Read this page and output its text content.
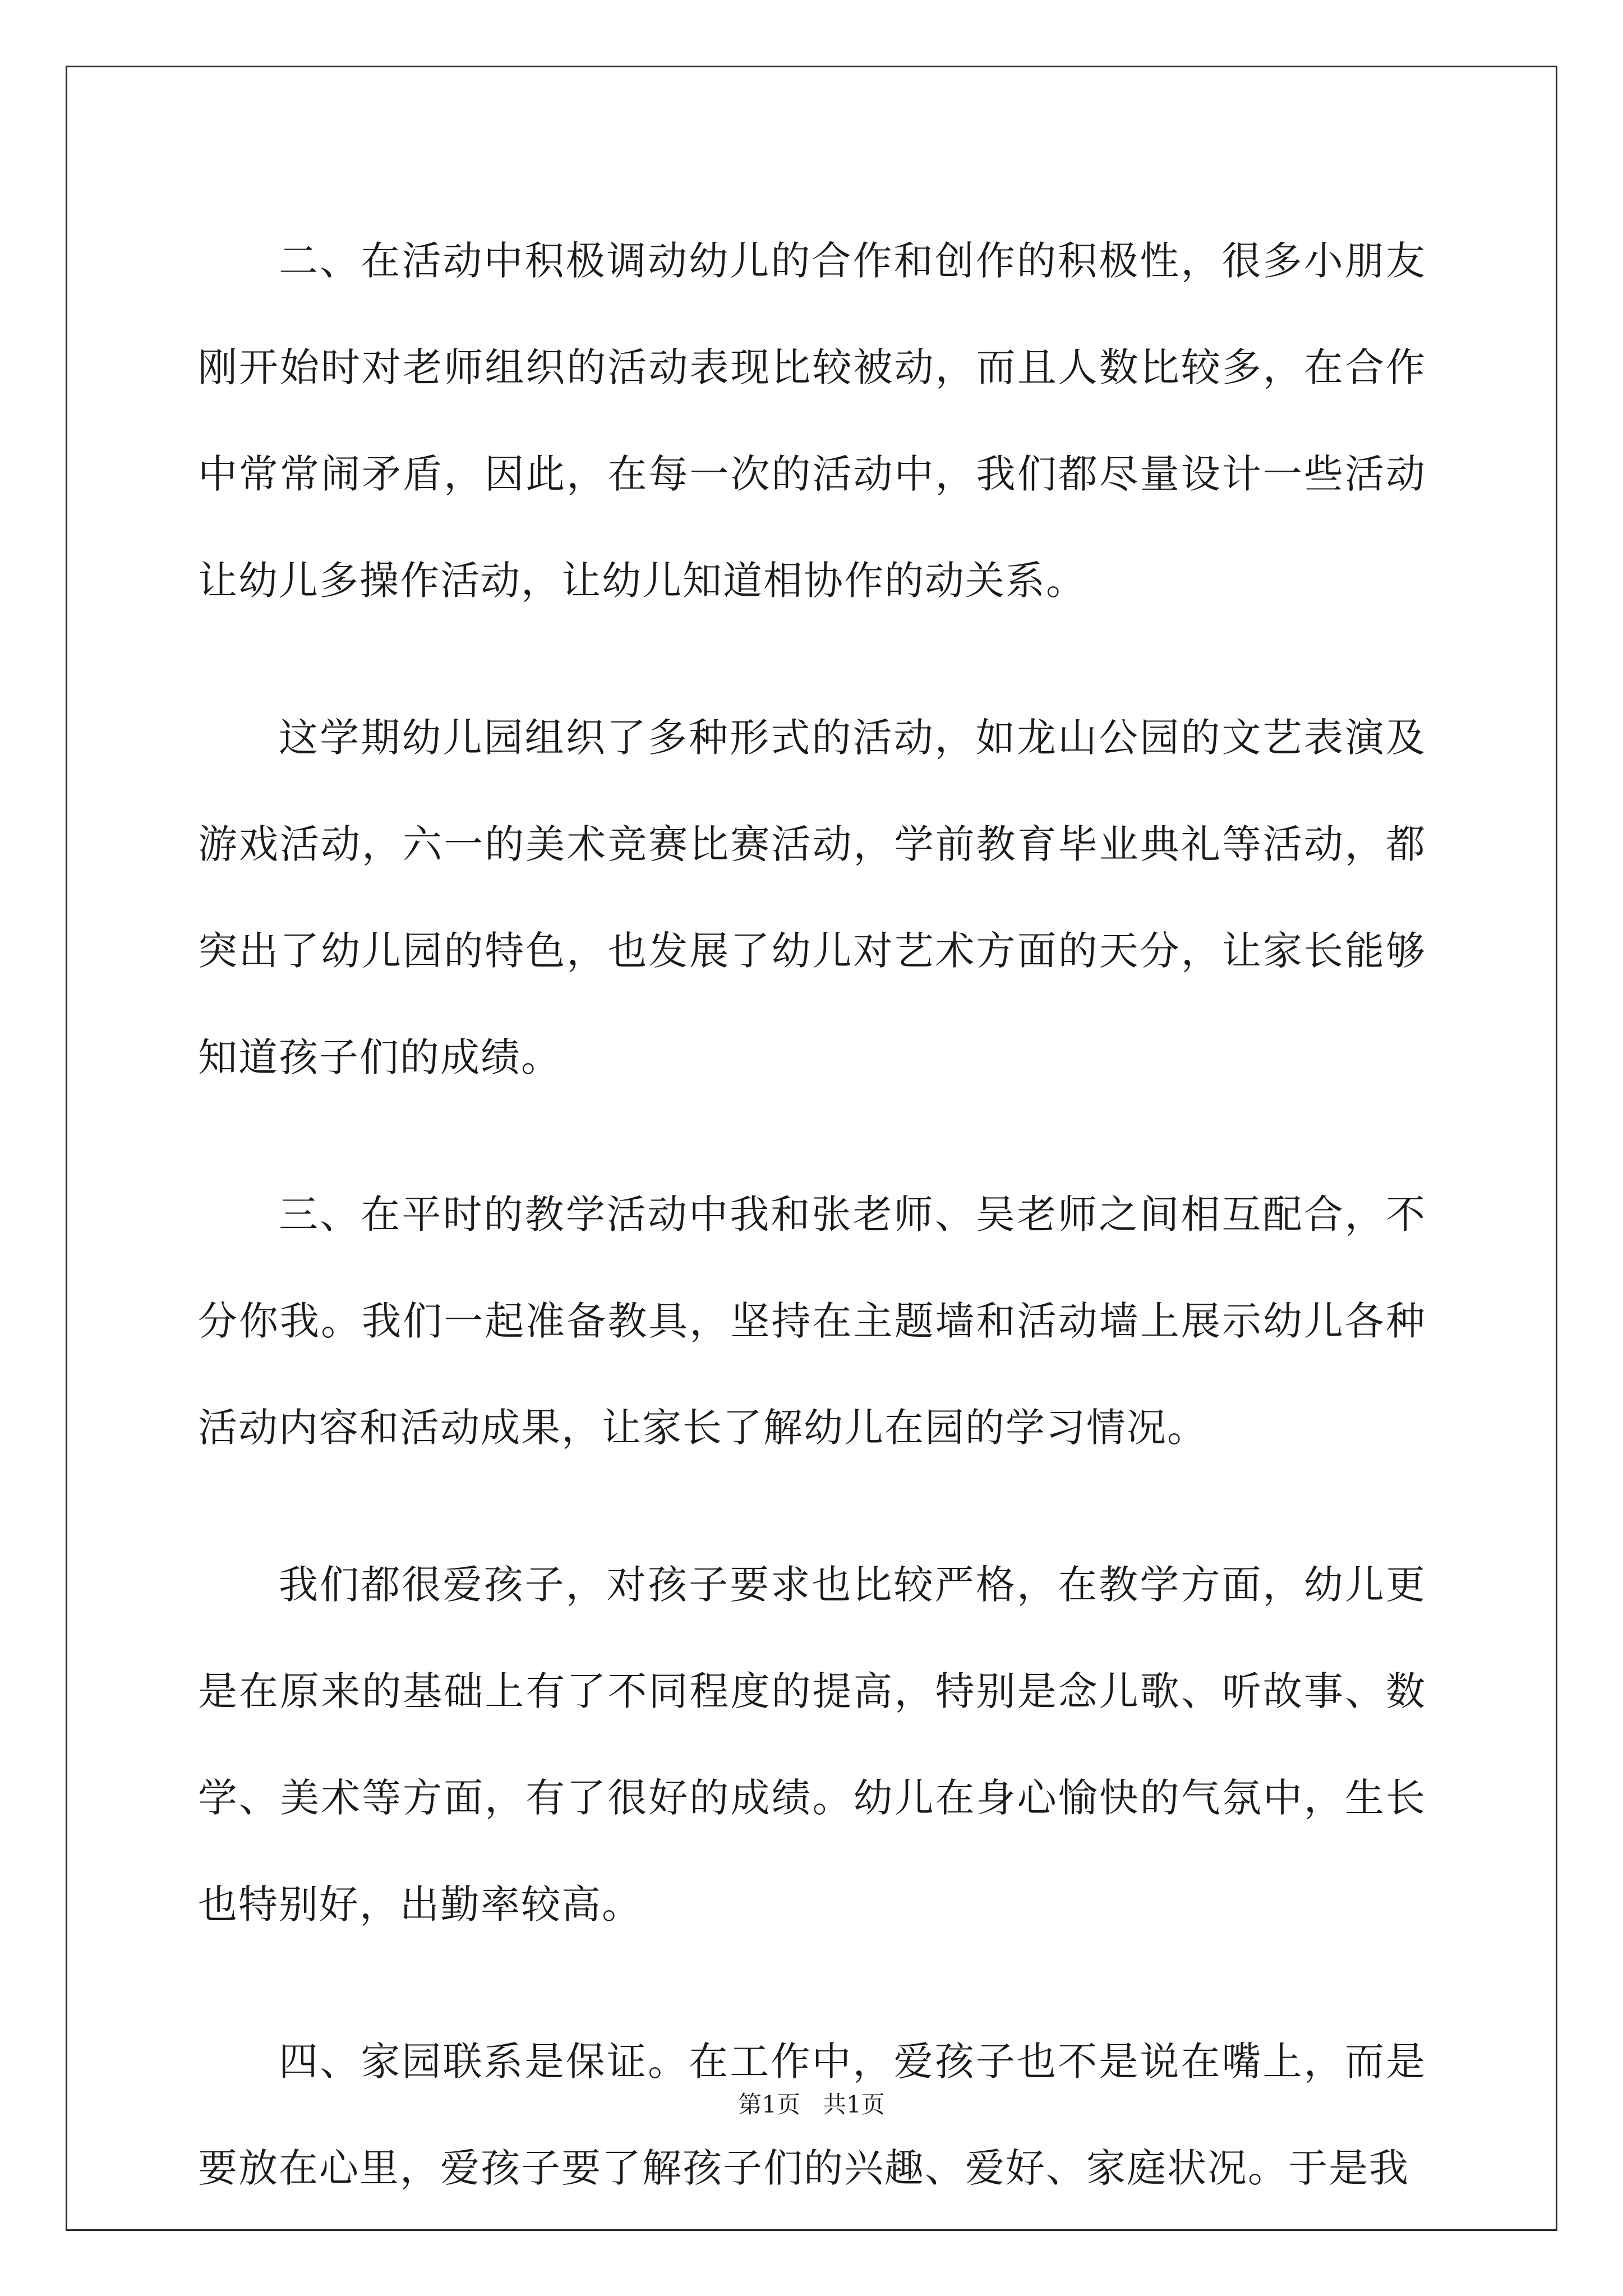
二、在活动中积极调动幼儿的合作和创作的积极性，很多小朋友刚开始时对老师组织的活动表现比较被动，而且人数比较多，在合作中常常闹矛盾，因此，在每一次的活动中，我们都尽量设计一些活动让幼儿多操作活动，让幼儿知道相协作的动关系。

这学期幼儿园组织了多种形式的活动，如龙山公园的文艺表演及游戏活动，六一的美术竞赛比赛活动，学前教育毕业典礼等活动，都突出了幼儿园的特色，也发展了幼儿对艺术方面的天分，让家长能够知道孩子们的成绩。

三、在平时的教学活动中我和张老师、吴老师之间相互配合，不分你我。我们一起准备教具，坚持在主题墙和活动墙上展示幼儿各种活动内容和活动成果，让家长了解幼儿在园的学习情况。

我们都很爱孩子，对孩子要求也比较严格，在教学方面，幼儿更是在原来的基础上有了不同程度的提高，特别是念儿歌、听故事、数学、美术等方面，有了很好的成绩。幼儿在身心愉快的气氛中，生长也特别好，出勤率较高。

四、家园联系是保证。在工作中，爱孩子也不是说在嘴上，而是要放在心里，爱孩子要了解孩子们的兴趣、爱好、家庭状况。于是我

第1页 共1页
